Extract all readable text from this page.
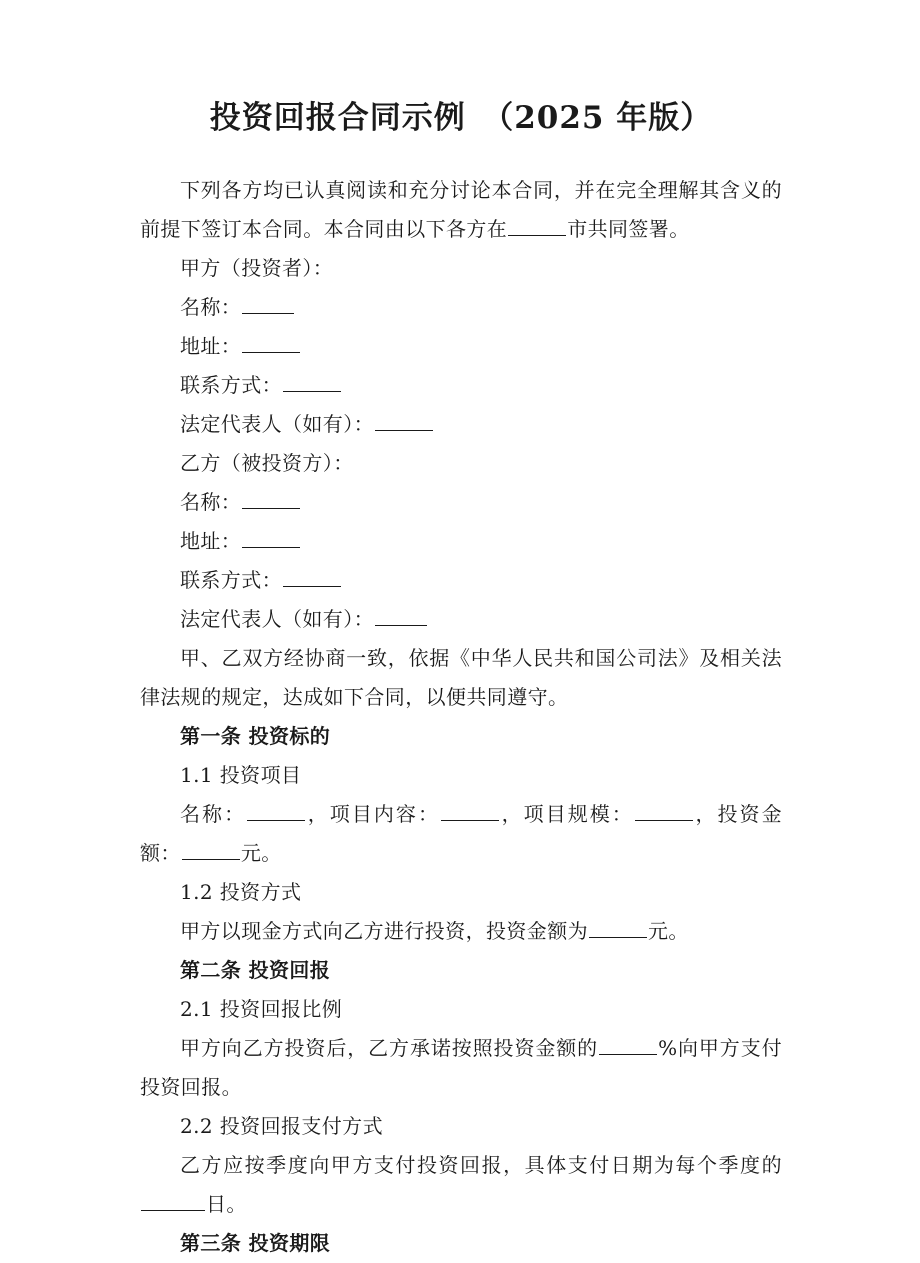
投资回报合同示例　（2025 年版）

下列各方均已认真阅读和充分讨论本合同，并在完全理解其含义的前提下签订本合同。本合同由以下各方在	市共同签署。

甲方（投资者）：

名称：

地址：

联系方式：

法定代表人（如有）：

乙方（被投资方）：

名称：

地址：

联系方式：

法定代表人（如有）：

甲、乙双方经协商一致，依据《中华人民共和国公司法》及相关法律法规的规定，达成如下合同，以便共同遵守。

第一条 投资标的

1.1 投资项目

名称：	，项目内容：	，项目规模：	，投资金额：	元。

1.2 投资方式

甲方以现金方式向乙方进行投资，投资金额为	元。

第二条 投资回报

2.1 投资回报比例

甲方向乙方投资后，乙方承诺按照投资金额的	%向甲方支付投资回报。

2.2 投资回报支付方式

乙方应按季度向甲方支付投资回报，具体支付日期为每个季度的日。

第三条 投资期限
